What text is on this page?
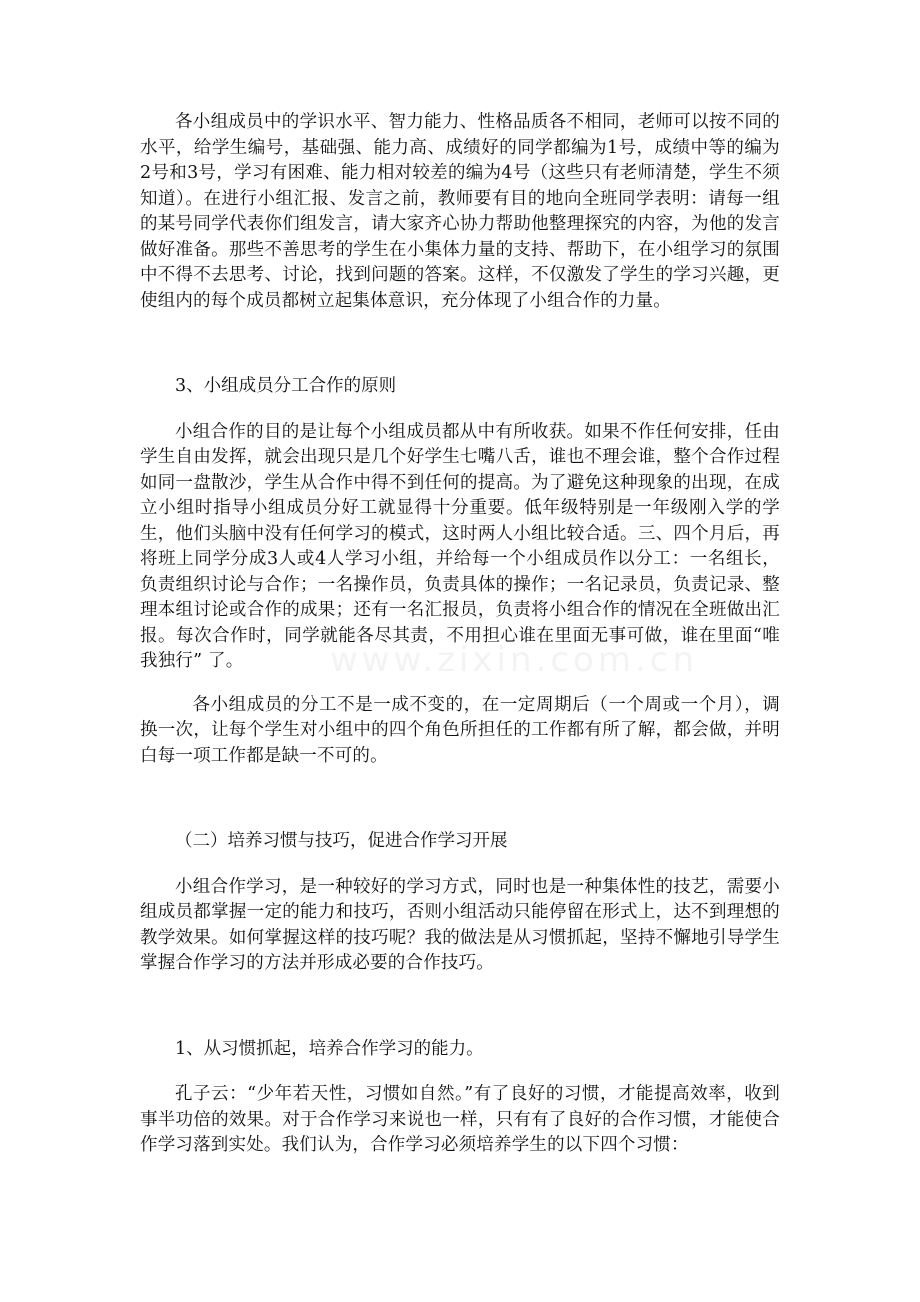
www.zixin.com.cn

各小组成员中的学识水平、智力能力、性格品质各不相同，老师可以按不同的水平，给学生编号，基础强、能力高、成绩好的同学都编为1号，成绩中等的编为2号和3号，学习有困难、能力相对较差的编为4号（这些只有老师清楚，学生不须知道）。在进行小组汇报、发言之前，教师要有目的地向全班同学表明：请每一组的某号同学代表你们组发言，请大家齐心协力帮助他整理探究的内容，为他的发言做好准备。那些不善思考的学生在小集体力量的支持、帮助下，在小组学习的氛围中不得不去思考、讨论，找到问题的答案。这样，不仅激发了学生的学习兴趣，更使组内的每个成员都树立起集体意识，充分体现了小组合作的力量。

3、小组成员分工合作的原则

小组合作的目的是让每个小组成员都从中有所收获。如果不作任何安排，任由学生自由发挥，就会出现只是几个好学生七嘴八舌，谁也不理会谁，整个合作过程如同一盘散沙，学生从合作中得不到任何的提高。为了避免这种现象的出现，在成立小组时指导小组成员分好工就显得十分重要。低年级特别是一年级刚入学的学生，他们头脑中没有任何学习的模式，这时两人小组比较合适。三、四个月后，再将班上同学分成3人或4人学习小组，并给每一个小组成员作以分工：一名组长，负责组织讨论与合作；一名操作员，负责具体的操作；一名记录员，负责记录、整理本组讨论或合作的成果；还有一名汇报员，负责将小组合作的情况在全班做出汇报。每次合作时，同学就能各尽其责，不用担心谁在里面无事可做，谁在里面“唯我独行” 了。

各小组成员的分工不是一成不变的，在一定周期后（一个周或一个月），调换一次，让每个学生对小组中的四个角色所担任的工作都有所了解，都会做，并明白每一项工作都是缺一不可的。

（二）培养习惯与技巧，促进合作学习开展

小组合作学习，是一种较好的学习方式，同时也是一种集体性的技艺，需要小组成员都掌握一定的能力和技巧，否则小组活动只能停留在形式上，达不到理想的教学效果。如何掌握这样的技巧呢？我的做法是从习惯抓起，坚持不懈地引导学生掌握合作学习的方法并形成必要的合作技巧。

1、从习惯抓起，培养合作学习的能力。

孔子云：“少年若天性，习惯如自然。”有了良好的习惯，才能提高效率，收到事半功倍的效果。对于合作学习来说也一样，只有有了良好的合作习惯，才能使合作学习落到实处。我们认为，合作学习必须培养学生的以下四个习惯：
